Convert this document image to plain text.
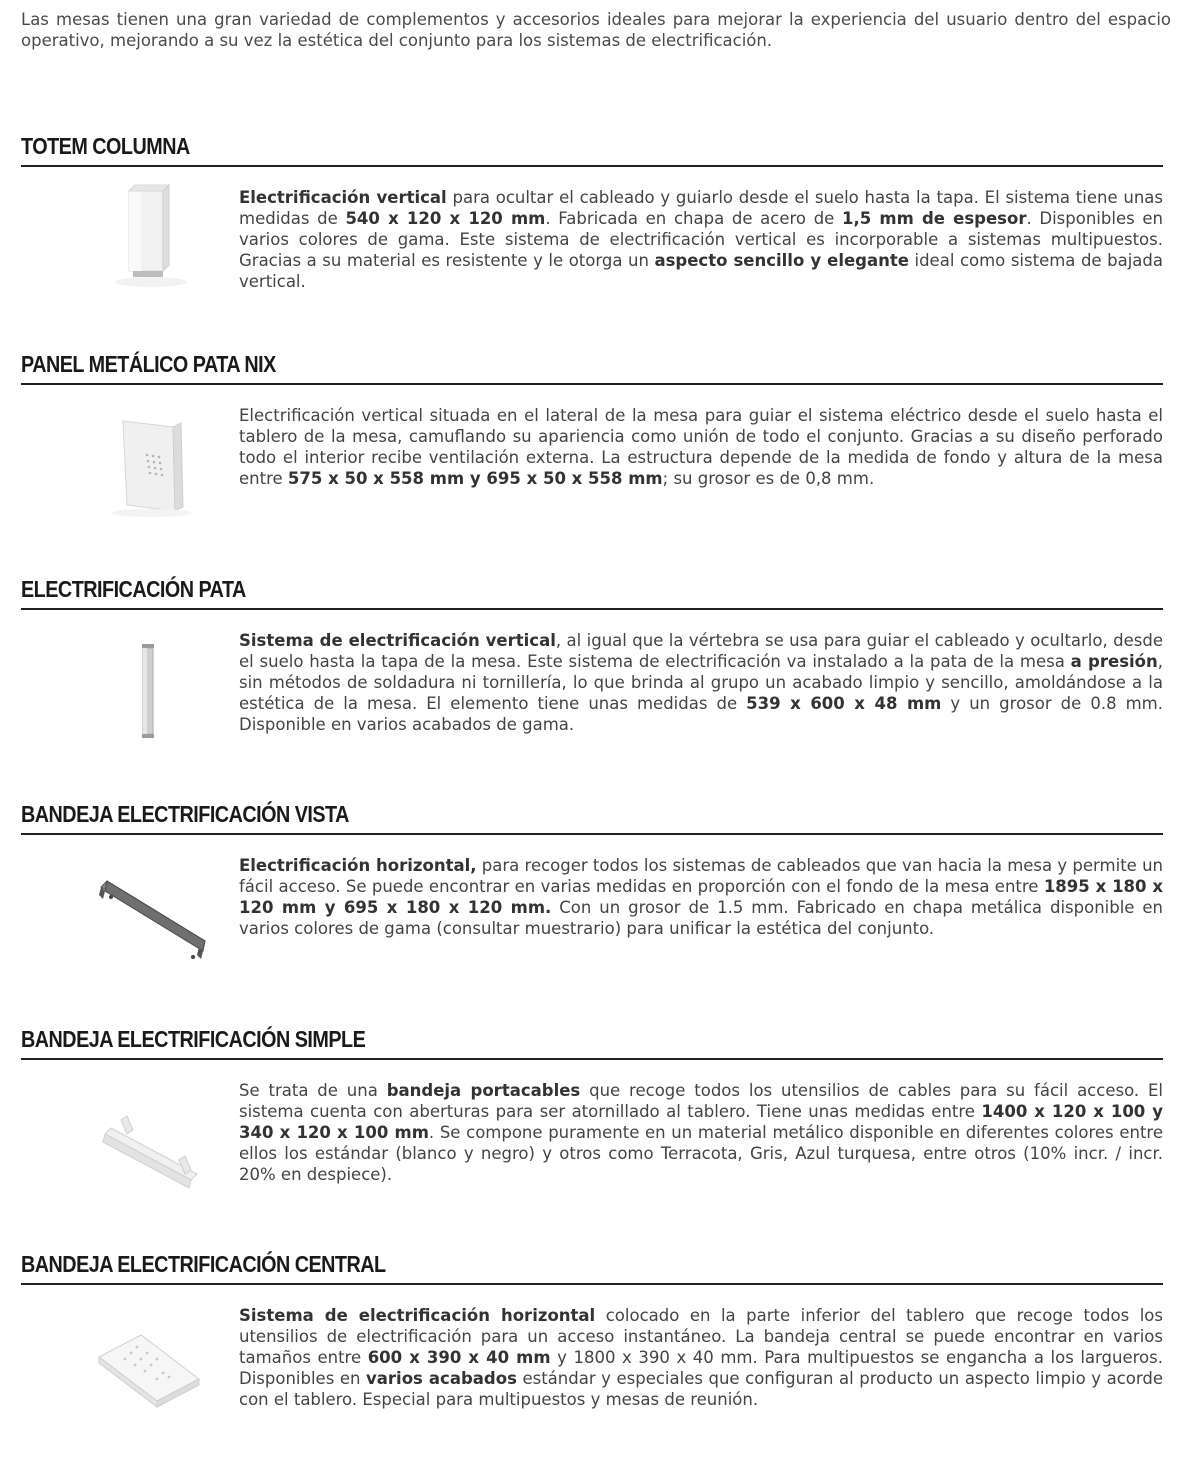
Las mesas tienen una gran variedad de complementos y accesorios ideales para mejorar la experiencia del usuario dentro del espacio operativo, mejorando a su vez la estética del conjunto para los sistemas de electrificación.
TOTEM COLUMNA
Electrificación vertical para ocultar el cableado y guiarlo desde el suelo hasta la tapa. El sistema tiene unas medidas de 540 x 120 x 120 mm. Fabricada en chapa de acero de 1,5 mm de espesor. Disponibles en varios colores de gama. Este sistema de electrificación vertical es incorporable a sistemas multipuestos. Gracias a su material es resistente y le otorga un aspecto sencillo y elegante ideal como sistema de bajada vertical.
PANEL METÁLICO PATA NIX
Electrificación vertical situada en el lateral de la mesa para guiar el sistema eléctrico desde el suelo hasta el tablero de la mesa, camuflando su apariencia como unión de todo el conjunto. Gracias a su diseño perforado todo el interior recibe ventilación externa. La estructura depende de la medida de fondo y altura de la mesa entre 575 x 50 x 558 mm y 695 x 50 x 558 mm; su grosor es de 0,8 mm.
ELECTRIFICACIÓN PATA
Sistema de electrificación vertical, al igual que la vértebra se usa para guiar el cableado y ocultarlo, desde el suelo hasta la tapa de la mesa. Este sistema de electrificación va instalado a la pata de la mesa a presión, sin métodos de soldadura ni tornillería, lo que brinda al grupo un acabado limpio y sencillo, amoldándose a la estética de la mesa. El elemento tiene unas medidas de 539 x 600 x 48 mm y un grosor de 0.8 mm. Disponible en varios acabados de gama.
BANDEJA ELECTRIFICACIÓN VISTA
Electrificación horizontal, para recoger todos los sistemas de cableados que van hacia la mesa y permite un fácil acceso. Se puede encontrar en varias medidas en proporción con el fondo de la mesa entre 1895 x 180 x 120 mm y 695 x 180 x 120 mm. Con un grosor de 1.5 mm. Fabricado en chapa metálica disponible en varios colores de gama (consultar muestrario) para unificar la estética del conjunto.
BANDEJA ELECTRIFICACIÓN SIMPLE
Se trata de una bandeja portacables que recoge todos los utensilios de cables para su fácil acceso. El sistema cuenta con aberturas para ser atornillado al tablero. Tiene unas medidas entre 1400 x 120 x 100 y 340 x 120 x 100 mm. Se compone puramente en un material metálico disponible en diferentes colores entre ellos los estándar (blanco y negro) y otros como Terracota, Gris, Azul turquesa, entre otros (10% incr. / incr. 20% en despiece).
BANDEJA ELECTRIFICACIÓN CENTRAL
Sistema de electrificación horizontal colocado en la parte inferior del tablero que recoge todos los utensilios de electrificación para un acceso instantáneo. La bandeja central se puede encontrar en varios tamaños entre 600 x 390 x 40 mm y 1800 x 390 x 40 mm. Para multipuestos se engancha a los largueros. Disponibles en varios acabados estándar y especiales que configuran al producto un aspecto limpio y acorde con el tablero. Especial para multipuestos y mesas de reunión.
